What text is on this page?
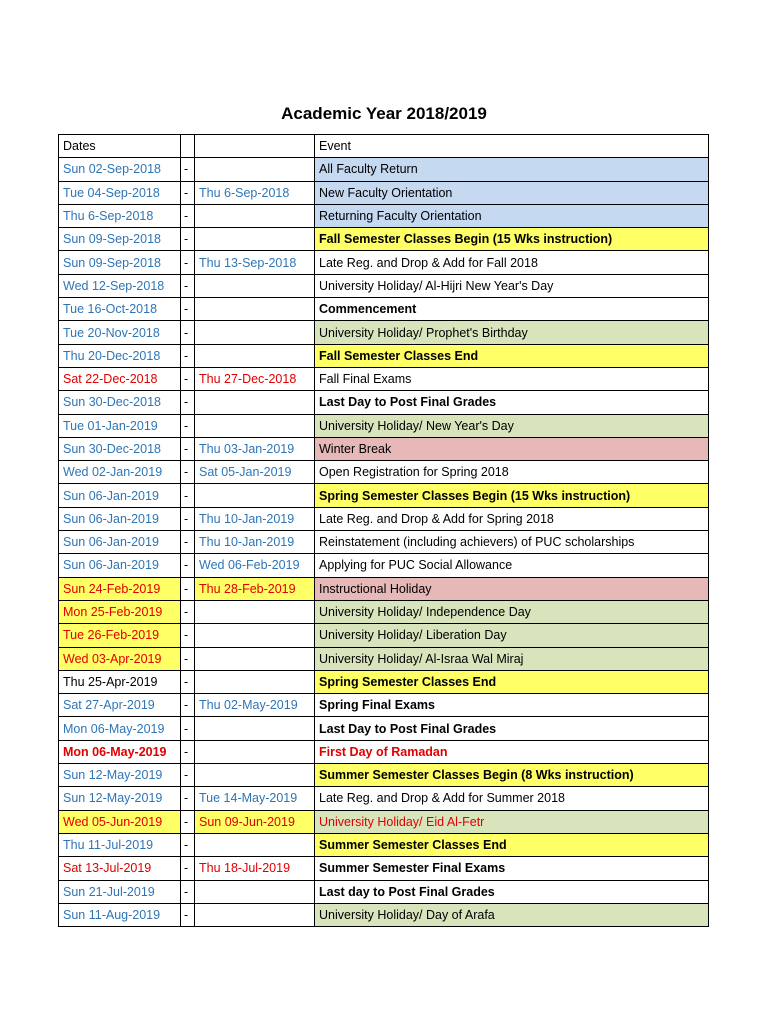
Academic Year 2018/2019
Dates			Event
Sun 02-Sep-2018	-		All Faculty Return
Tue 04-Sep-2018	-	Thu 6-Sep-2018	New Faculty Orientation
Thu 6-Sep-2018	-		Returning Faculty Orientation
Sun 09-Sep-2018	-		Fall Semester Classes Begin (15 Wks instruction)
Sun 09-Sep-2018	-	Thu 13-Sep-2018	Late Reg. and Drop & Add for Fall 2018
Wed 12-Sep-2018	-		University Holiday/ Al-Hijri New Year's Day
Tue 16-Oct-2018	-		Commencement
Tue 20-Nov-2018	-		University Holiday/ Prophet's Birthday
Thu 20-Dec-2018	-		Fall Semester Classes End
Sat 22-Dec-2018	-	Thu 27-Dec-2018	Fall Final Exams
Sun 30-Dec-2018	-		Last Day to Post Final Grades
Tue 01-Jan-2019	-		University Holiday/ New Year's Day
Sun 30-Dec-2018	-	Thu 03-Jan-2019	Winter Break
Wed 02-Jan-2019	-	Sat 05-Jan-2019	Open Registration for Spring 2018
Sun 06-Jan-2019	-		Spring Semester Classes Begin (15 Wks instruction)
Sun 06-Jan-2019	-	Thu 10-Jan-2019	Late Reg. and Drop & Add for Spring 2018
Sun 06-Jan-2019	-	Thu 10-Jan-2019	Reinstatement (including achievers) of PUC scholarships
Sun 06-Jan-2019	-	Wed 06-Feb-2019	Applying for PUC Social Allowance
Sun 24-Feb-2019	-	Thu 28-Feb-2019	Instructional Holiday
Mon 25-Feb-2019	-		University Holiday/ Independence Day
Tue 26-Feb-2019	-		University Holiday/ Liberation Day
Wed 03-Apr-2019	-		University Holiday/ Al-Israa Wal Miraj
Thu 25-Apr-2019	-		Spring Semester Classes End
Sat 27-Apr-2019	-	Thu 02-May-2019	Spring Final Exams
Mon 06-May-2019	-		Last Day to Post Final Grades
Mon 06-May-2019	-		First Day of Ramadan
Sun 12-May-2019	-		Summer Semester Classes Begin (8 Wks instruction)
Sun 12-May-2019	-	Tue 14-May-2019	Late Reg. and Drop & Add for Summer 2018
Wed 05-Jun-2019	-	Sun 09-Jun-2019	University Holiday/ Eid Al-Fetr
Thu 11-Jul-2019	-		Summer Semester Classes End
Sat 13-Jul-2019	-	Thu 18-Jul-2019	Summer Semester Final Exams
Sun 21-Jul-2019	-		Last day to Post Final Grades
Sun 11-Aug-2019	-		University Holiday/ Day of Arafa
